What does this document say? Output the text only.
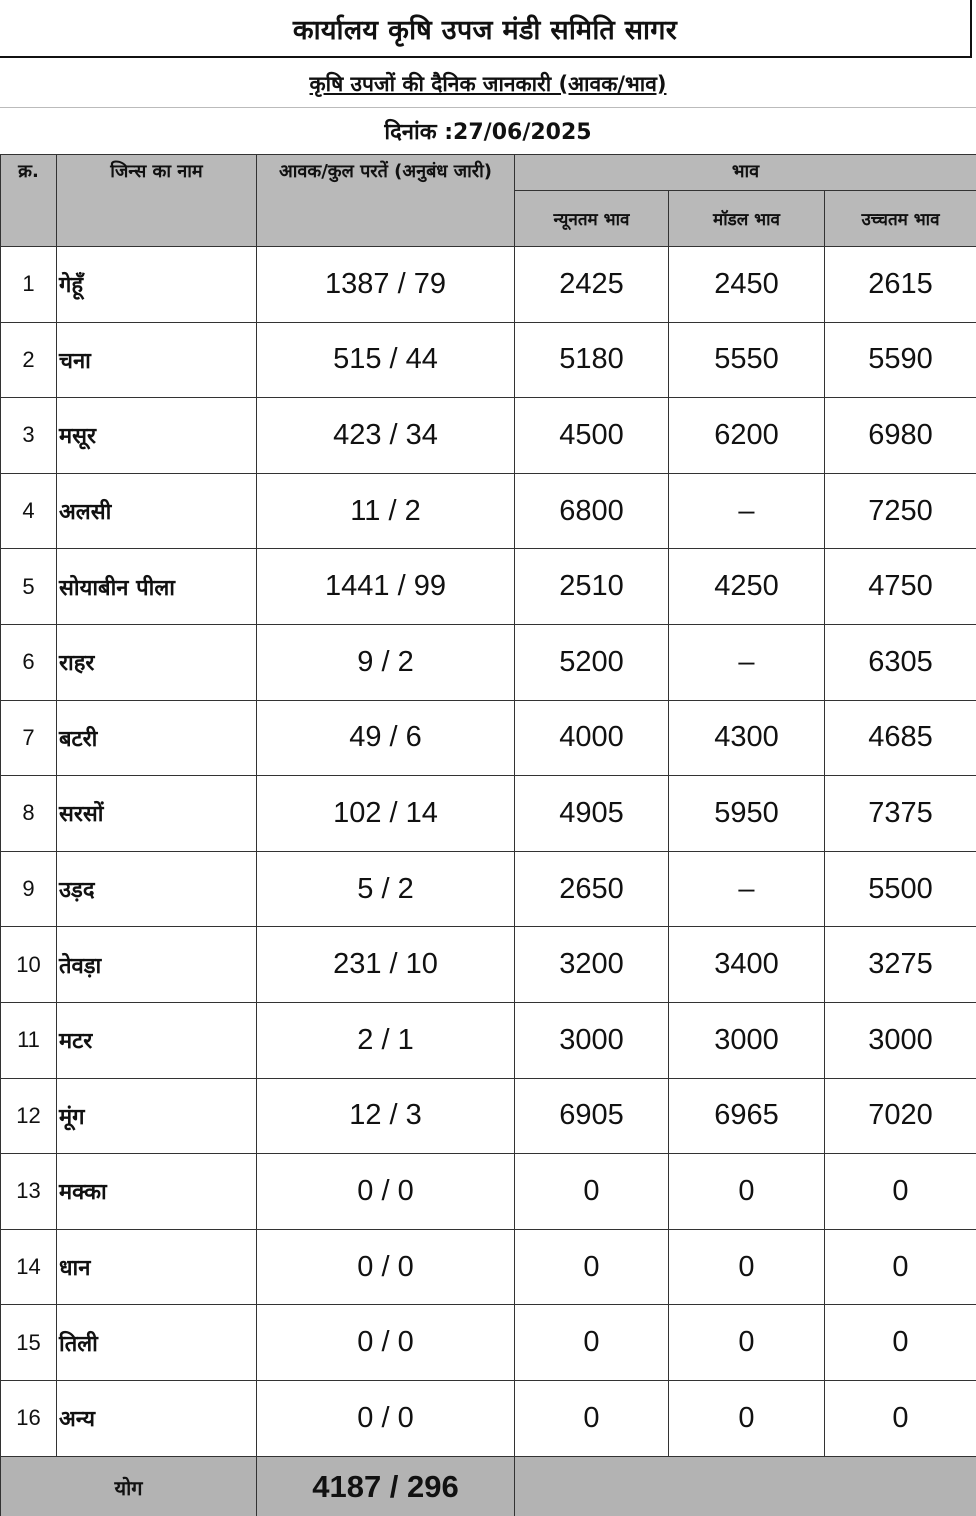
कार्यालय कृषि उपज मंडी समिति सागर
कृषि उपजों की दैनिक जानकारी (आवक/भाव)
दिनांक :27/06/2025
क्र.	जिन्स का नाम	आवक/कुल परतें (अनुबंध जारी)	भाव		
			न्यूनतम भाव	मॉडल भाव	उच्चतम भाव
1	गेहूँ	1387 / 79	2425	2450	2615
2	चना	515 / 44	5180	5550	5590
3	मसूर	423 / 34	4500	6200	6980
4	अलसी	11 / 2	6800	–	7250
5	सोयाबीन पीला	1441 / 99	2510	4250	4750
6	राहर	9 / 2	5200	–	6305
7	बटरी	49 / 6	4000	4300	4685
8	सरसों	102 / 14	4905	5950	7375
9	उड़द	5 / 2	2650	–	5500
10	तेवड़ा	231 / 10	3200	3400	3275
11	मटर	2 / 1	3000	3000	3000
12	मूंग	12 / 3	6905	6965	7020
13	मक्का	0 / 0	0	0	0
14	धान	0 / 0	0	0	0
15	तिली	0 / 0	0	0	0
16	अन्य	0 / 0	0	0	0
योग		4187 / 296			
